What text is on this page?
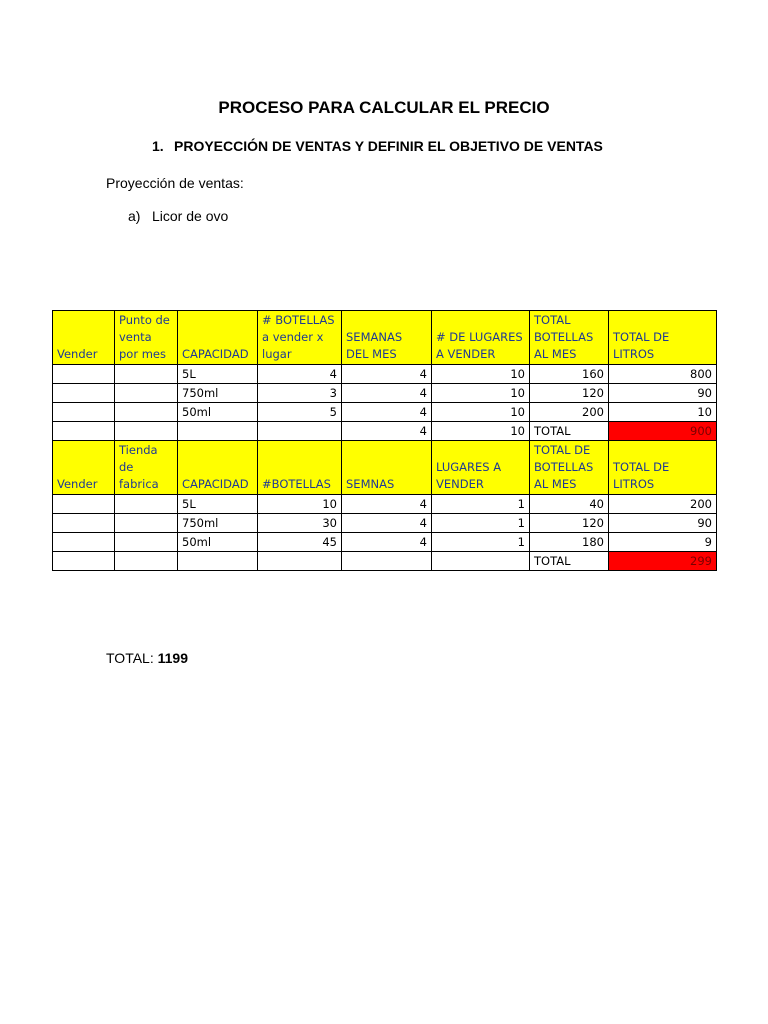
PROCESO PARA CALCULAR EL PRECIO
1. PROYECCIÓN DE VENTAS Y DEFINIR EL OBJETIVO DE VENTAS

Proyección de ventas:

a) Licor de ovo

Vender	Punto de venta por mes	CAPACIDAD	# BOTELLAS a vender x lugar	SEMANAS DEL MES	# DE LUGARES A VENDER	TOTAL BOTELLAS AL MES	TOTAL DE LITROS
		5L	4	4	10	160	800
		750ml	3	4	10	120	90
		50ml	5	4	10	200	10
				4	10	TOTAL	900
Vender	Tienda de fabrica	CAPACIDAD	#BOTELLAS	SEMNAS	LUGARES A VENDER	TOTAL DE BOTELLAS AL MES	TOTAL DE LITROS
		5L	10	4	1	40	200
		750ml	30	4	1	120	90
		50ml	45	4	1	180	9
						TOTAL	299

TOTAL: 1199
